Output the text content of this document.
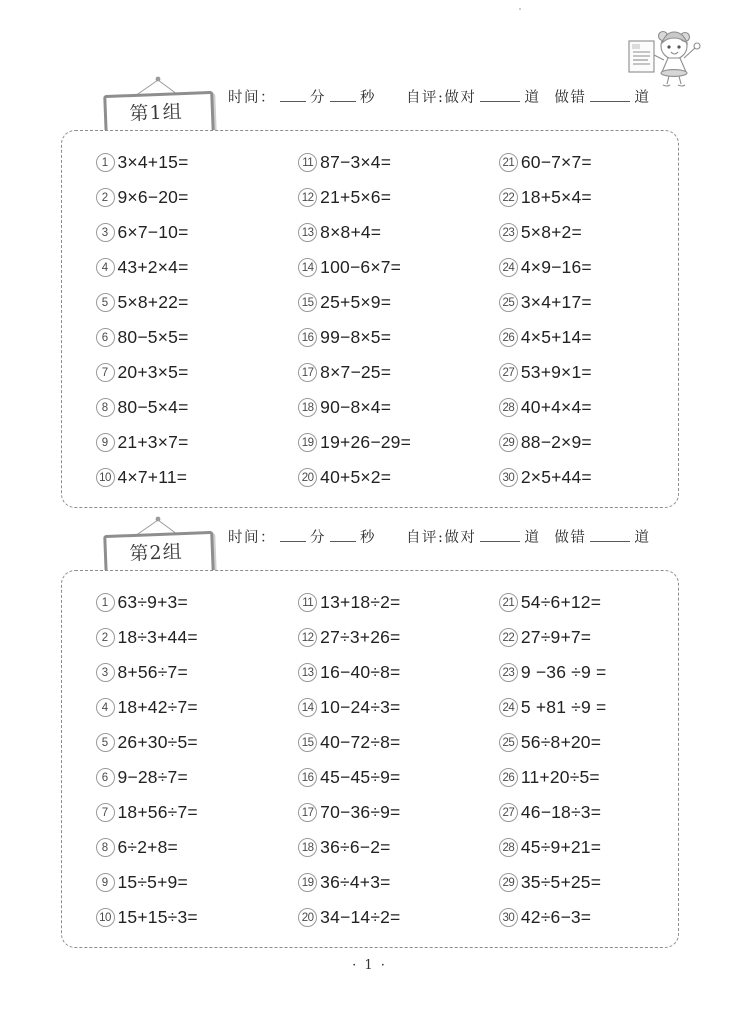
第1组
时间： 分 秒 自评: 做对	道 做错	道
1 3×4+15=
2 9×6−20=
3 6×7−10=
4 43+2×4=
5 5×8+22=
6 80−5×5=
7 20+3×5=
8 80−5×4=
9 21+3×7=
10 4×7+11=
11 87−3×4=
12 21+5×6=
13 8×8+4=
14 100−6×7=
15 25+5×9=
16 99−8×5=
17 8×7−25=
18 90−8×4=
19 19+26−29=
20 40+5×2=
21 60−7×7=
22 18+5×4=
23 5×8+2=
24 4×9−16=
25 3×4+17=
26 4×5+14=
27 53+9×1=
28 40+4×4=
29 88−2×9=
30 2×5+44=
第2组
时间： 分 秒 自评: 做对	道 做错	道
1 63÷9+3=
2 18÷3+44=
3 8+56÷7=
4 18+42÷7=
5 26+30÷5=
6 9−28÷7=
7 18+56÷7=
8 6÷2+8=
9 15÷5+9=
10 15+15÷3=
11 13+18÷2=
12 27÷3+26=
13 16−40÷8=
14 10−24÷3=
15 40−72÷8=
16 45−45÷9=
17 70−36÷9=
18 36÷6−2=
19 36÷4+3=
20 34−14÷2=
21 54÷6+12=
22 27÷9+7=
23 9 −36 ÷9 =
24 5 +81 ÷9 =
25 56÷8+20=
26 11+20÷5=
27 46−18÷3=
28 45÷9+21=
29 35÷5+25=
30 42÷6−3=
· 1 ·
